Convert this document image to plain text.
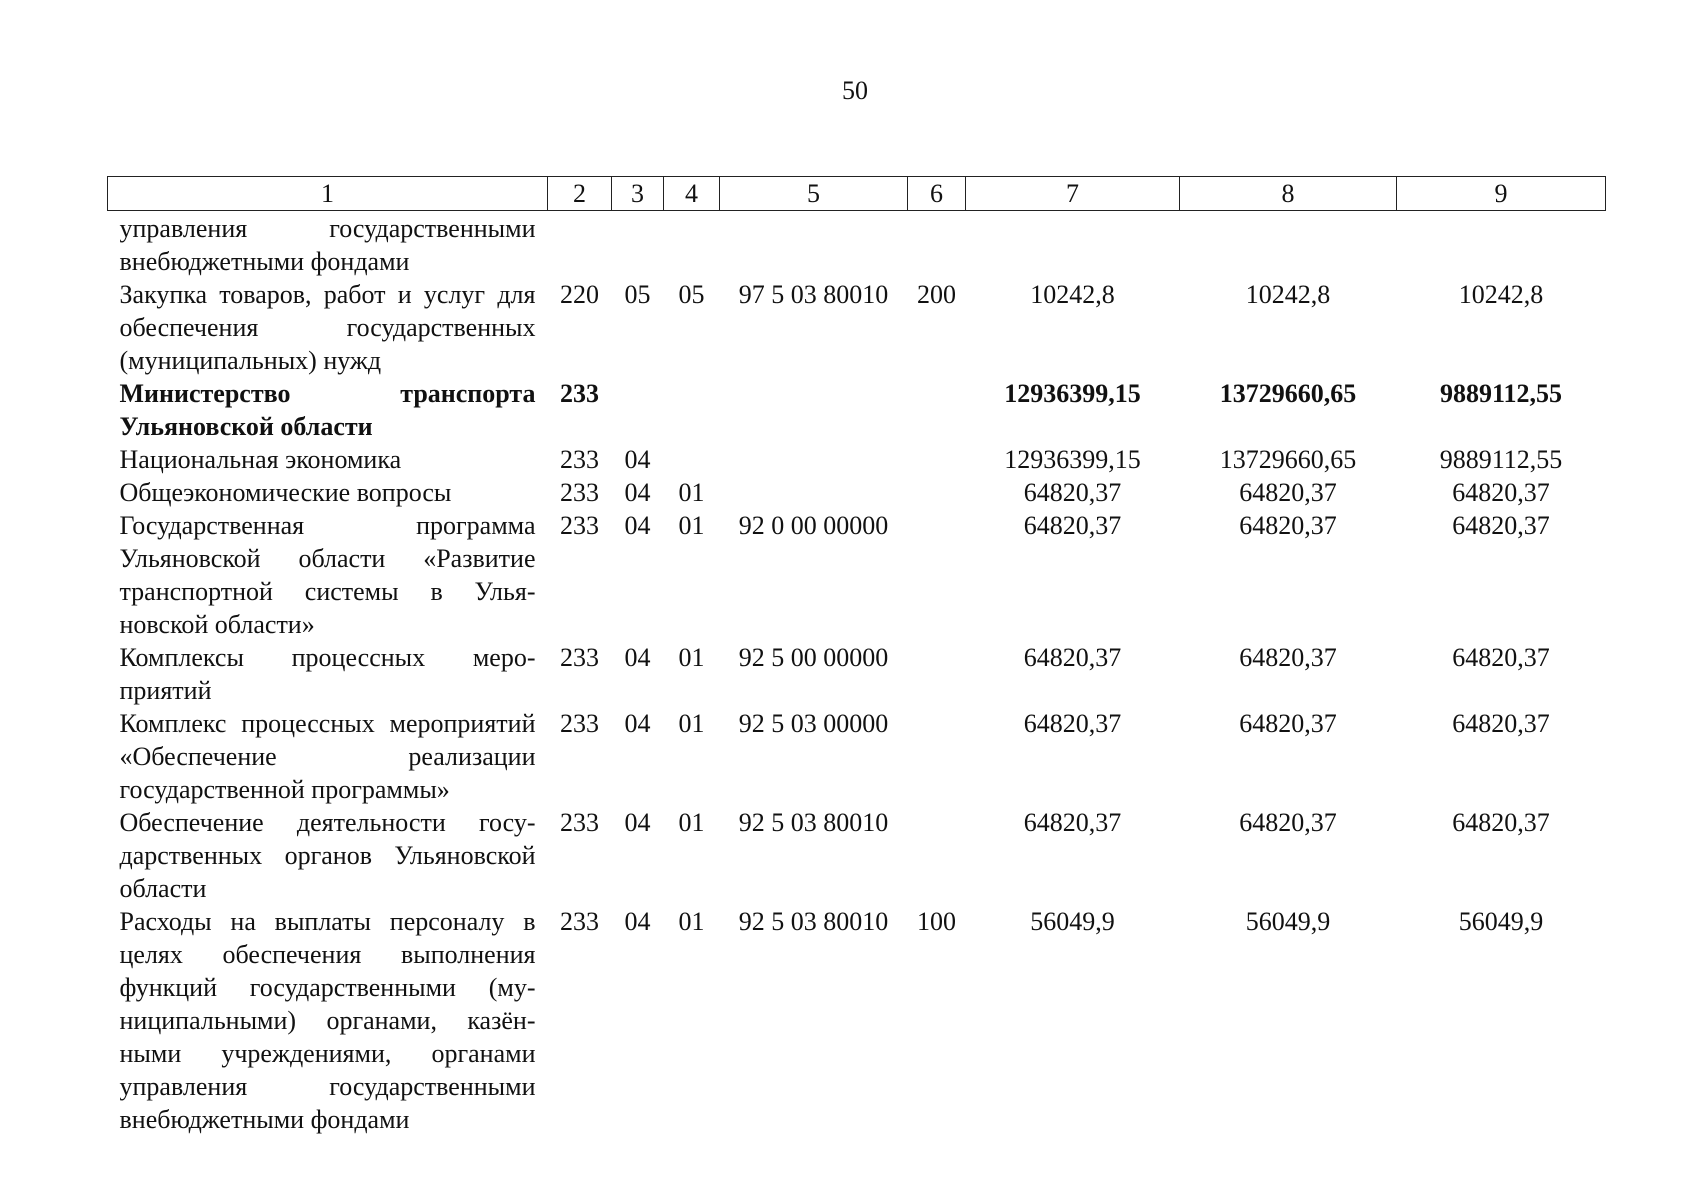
50
1	2	3	4	5	6	7	8	9
управления государственными внебюджетными фондами								
Закупка товаров, работ и услуг для обеспечения государственных (муниципальных) нужд	220	05	05	97 5 03 80010	200	10242,8	10242,8	10242,8
Министерство транспорта Ульяновской области	233					12936399,15	13729660,65	9889112,55
Национальная экономика	233	04				12936399,15	13729660,65	9889112,55
Общеэкономические вопросы	233	04	01			64820,37	64820,37	64820,37
Государственная программа Ульяновской области «Развитие транспортной системы в Ульяновской области»	233	04	01	92 0 00 00000		64820,37	64820,37	64820,37
Комплексы процессных мероприятий	233	04	01	92 5 00 00000		64820,37	64820,37	64820,37
Комплекс процессных мероприятий «Обеспечение реализации государственной программы»	233	04	01	92 5 03 00000		64820,37	64820,37	64820,37
Обеспечение деятельности государственных органов Ульяновской области	233	04	01	92 5 03 80010		64820,37	64820,37	64820,37
Расходы на выплаты персоналу в целях обеспечения выполнения функций государственными (муниципальными) органами, казёнными учреждениями, органами управления государственными внебюджетными фондами	233	04	01	92 5 03 80010	100	56049,9	56049,9	56049,9
